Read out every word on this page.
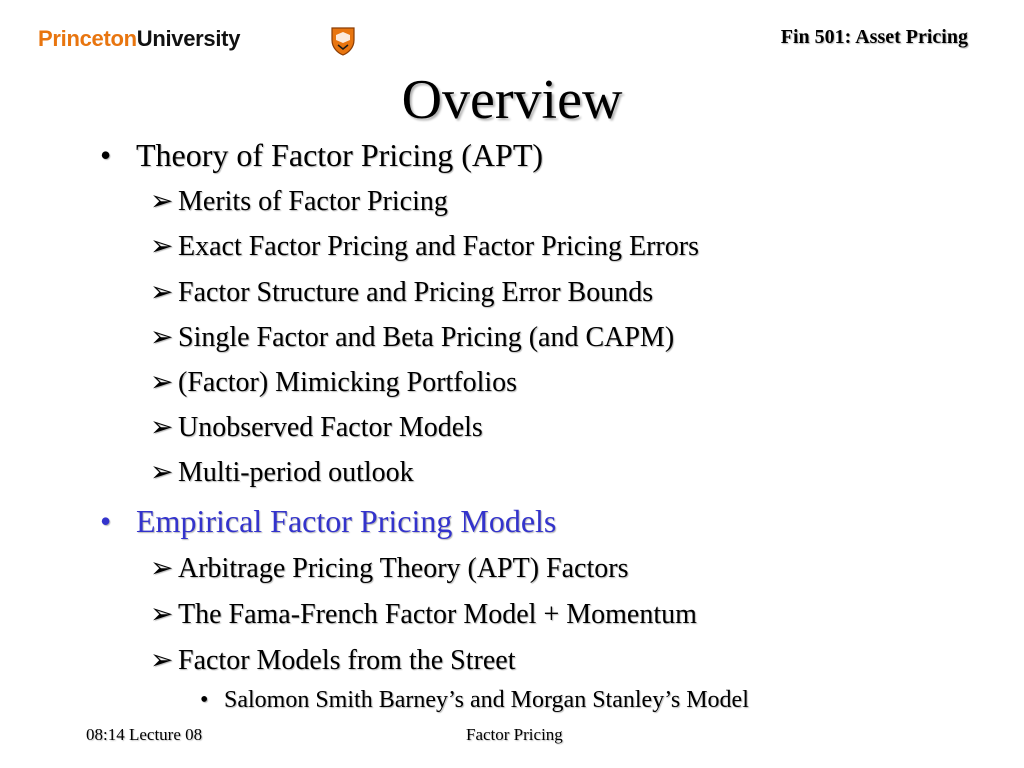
PrincetonUniversity	Fin 501: Asset Pricing
Overview
• Theory of Factor Pricing (APT)
➢ Merits of Factor Pricing
➢ Exact Factor Pricing and Factor Pricing Errors
➢ Factor Structure and Pricing Error Bounds
➢ Single Factor and Beta Pricing (and CAPM)
➢ (Factor) Mimicking Portfolios
➢ Unobserved Factor Models
➢ Multi-period outlook
• Empirical Factor Pricing Models
➢ Arbitrage Pricing Theory (APT) Factors
➢ The Fama-French Factor Model + Momentum
➢ Factor Models from the Street
• Salomon Smith Barney’s and Morgan Stanley’s Model
08:14 Lecture 08	Factor Pricing
